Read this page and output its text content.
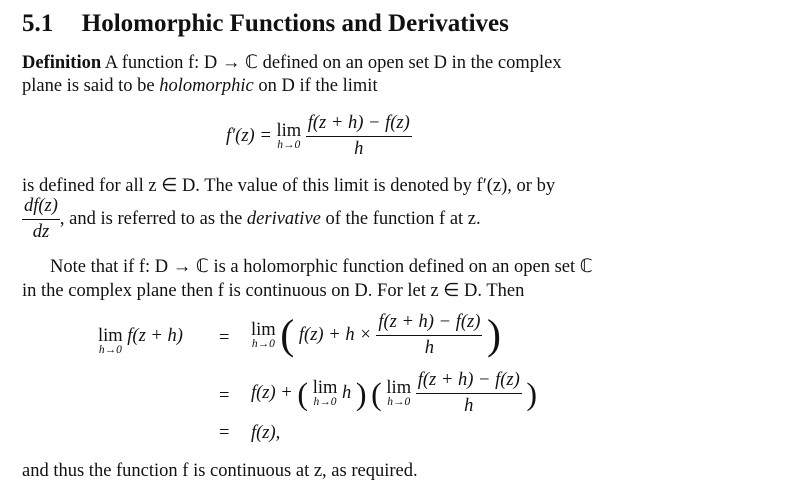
5.1 Holomorphic Functions and Derivatives
Definition A function f: D → ℂ defined on an open set D in the complex
plane is said to be holomorphic on D if the limit
f′(z) = lim
h→0
$\frac{f(z + h) - f(z)}{h}$
is defined for all z ∈ D. The value of this limit is denoted by f′(z), or by
$\frac{df(z)}{dz}$ , and is referred to as the derivative of the function f at z.
Note that if f: D → ℂ is a holomorphic function defined on an open set ℂ
in the complex plane then f is continuous on D. For let z ∈ D. Then
lim
h→0
f(z + h) = lim
h→0 ( $f(z) + h \times \frac{f(z + h) - f(z)}{h}$ )
= f(z) + ( lim
h→0 h ) ( lim
h→0
$\frac{f(z + h) - f(z)}{h}$ )
= f(z),
and thus the function f is continuous at z, as required.
